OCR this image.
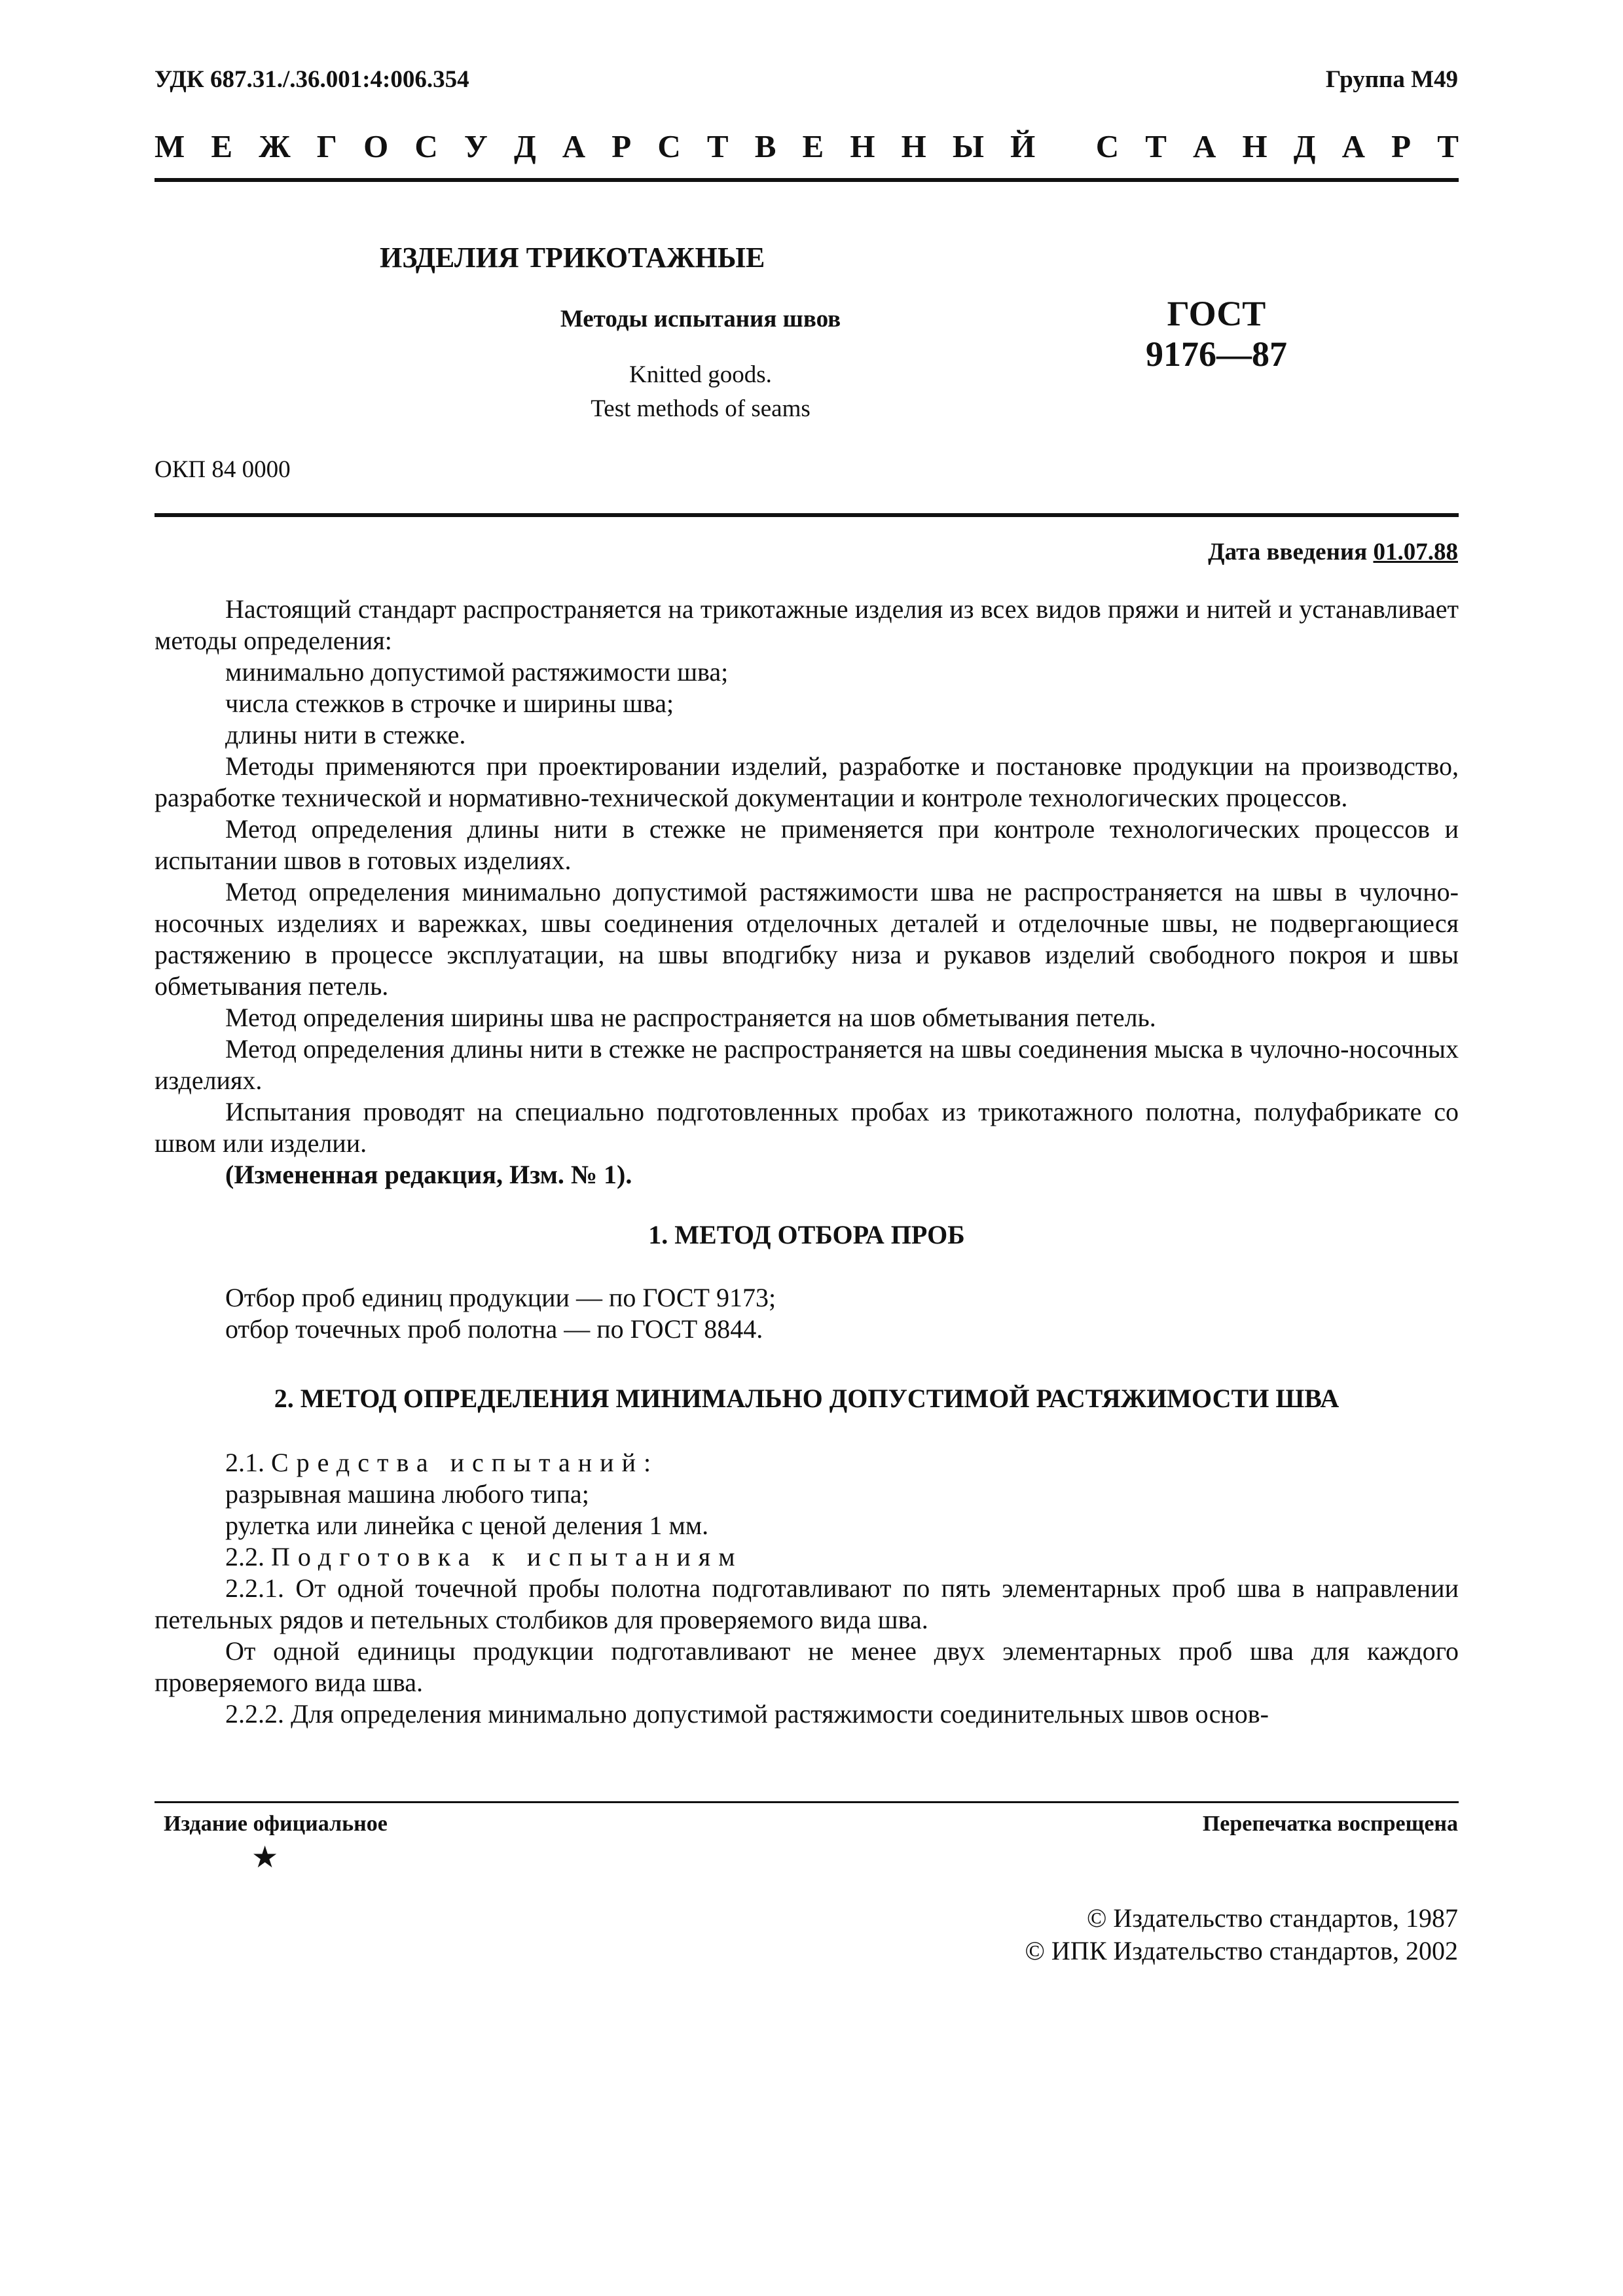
УДК 687.31./.36.001:4:006.354	Группа М49
М Е Ж Г О С У Д А Р С Т В Е Н Н Ы Й
С Т А Н Д А Р Т
ИЗДЕЛИЯ ТРИКОТАЖНЫЕ
Методы испытания швов
Knitted goods.
Test methods of seams
ГОСТ
9176—87
ОКП 84 0000
Дата введения 01.07.88

Настоящий стандарт распространяется на трикотажные изделия из всех видов пряжи и нитей и устанавливает методы определения:

минимально допустимой растяжимости шва;

числа стежков в строчке и ширины шва;

длины нити в стежке.

Методы применяются при проектировании изделий, разработке и постановке продукции на производство, разработке технической и нормативно-технической документации и контроле технологических процессов.

Метод определения длины нити в стежке не применяется при контроле технологических процессов и испытании швов в готовых изделиях.

Метод определения минимально допустимой растяжимости шва не распространяется на швы в чулочно-носочных изделиях и варежках, швы соединения отделочных деталей и отделочные швы, не подвергающиеся растяжению в процессе эксплуатации, на швы вподгибку низа и рукавов изделий свободного покроя и швы обметывания петель.

Метод определения ширины шва не распространяется на шов обметывания петель.

Метод определения длины нити в стежке не распространяется на швы соединения мыска в чулочно-носочных изделиях.

Испытания проводят на специально подготовленных пробах из трикотажного полотна, полуфабрикате со швом или изделии.

(Измененная редакция, Изм. № 1).

1. МЕТОД ОТБОРА ПРОБ

Отбор проб единиц продукции — по ГОСТ 9173;

отбор точечных проб полотна — по ГОСТ 8844.

2. МЕТОД ОПРЕДЕЛЕНИЯ МИНИМАЛЬНО ДОПУСТИМОЙ РАСТЯЖИМОСТИ ШВА

2.1. Средства испытаний:

разрывная машина любого типа;

рулетка или линейка с ценой деления 1 мм.

2.2. Подготовка к испытаниям

2.2.1. От одной точечной пробы полотна подготавливают по пять элементарных проб шва в направлении петельных рядов и петельных столбиков для проверяемого вида шва.

От одной единицы продукции подготавливают не менее двух элементарных проб шва для каждого проверяемого вида шва.

2.2.2. Для определения минимально допустимой растяжимости соединительных швов основ-

Издание официальное	Перепечатка воспрещена
★
© Издательство стандартов, 1987
© ИПК Издательство стандартов, 2002
